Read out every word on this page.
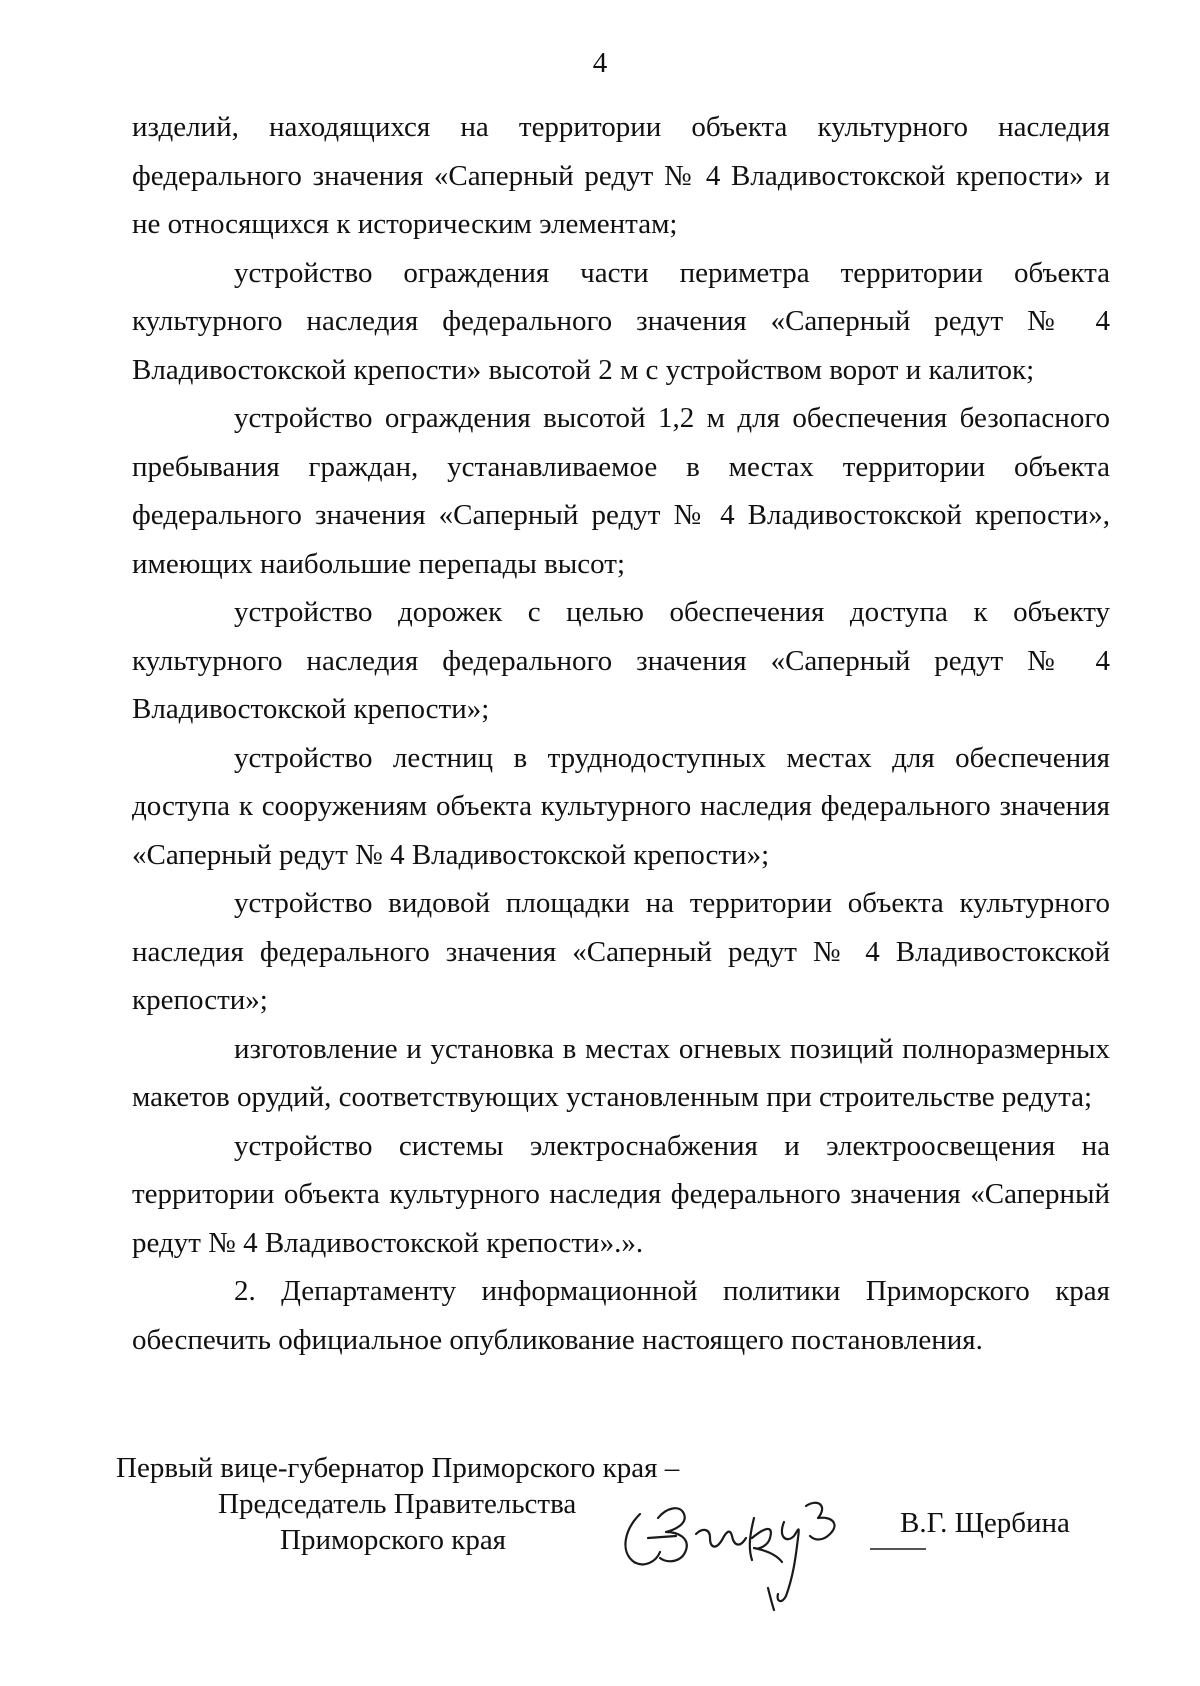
4

изделий, находящихся на территории объекта культурного наследия федерального значения «Саперный редут № 4 Владивостокской крепости» и не относящихся к историческим элементам;

устройство ограждения части периметра территории объекта культурного наследия федерального значения «Саперный редут № 4 Владивостокской крепости» высотой 2 м с устройством ворот и калиток;

устройство ограждения высотой 1,2 м для обеспечения безопасного пребывания граждан, устанавливаемое в местах территории объекта федерального значения «Саперный редут № 4 Владивостокской крепости», имеющих наибольшие перепады высот;

устройство дорожек с целью обеспечения доступа к объекту культурного наследия федерального значения «Саперный редут № 4 Владивостокской крепости»;

устройство лестниц в труднодоступных местах для обеспечения доступа к сооружениям объекта культурного наследия федерального значения «Саперный редут № 4 Владивостокской крепости»;

устройство видовой площадки на территории объекта культурного наследия федерального значения «Саперный редут № 4 Владивостокской крепости»;

изготовление и установка в местах огневых позиций полноразмерных макетов орудий, соответствующих установленным при строительстве редута;

устройство системы электроснабжения и электроосвещения на территории объекта культурного наследия федерального значения «Саперный редут № 4 Владивостокской крепости».».

2. Департаменту информационной политики Приморского края обеспечить официальное опубликование настоящего постановления.

Первый вице-губернатор Приморского края –
Председатель Правительства
Приморского края
В.Г. Щербина
